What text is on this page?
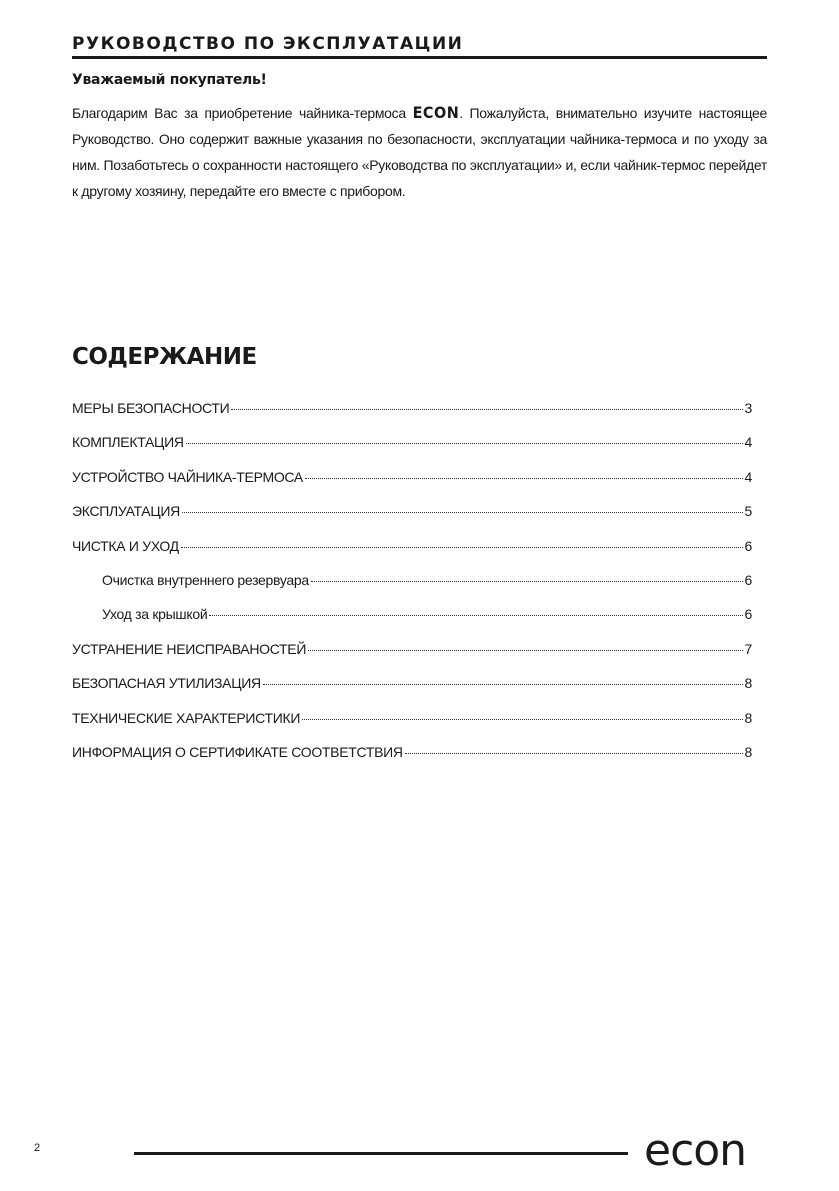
РУКОВОДСТВО ПО ЭКСПЛУАТАЦИИ
Уважаемый покупатель!

Благодарим Вас за приобретение чайника-термоса ECON. Пожалуйста, внимательно изучите настоящее Руководство. Оно содержит важные указания по безопасности, эксплуатации чайника-термоса и по уходу за ним. Позаботьтесь о сохранности настоящего «Руководства по эксплуатации» и, если чайник-термос перейдет к другому хозяину, передайте его вместе с прибором.

СОДЕРЖАНИЕ
МЕРЫ БЕЗОПАСНОСТИ	3
КОМПЛЕКТАЦИЯ	4
УСТРОЙСТВО ЧАЙНИКА-ТЕРМОСА	4
ЭКСПЛУАТАЦИЯ	5
ЧИСТКА И УХОД	6
Очистка внутреннего резервуара	6
Уход за крышкой	6
УСТРАНЕНИЕ НЕИСПРАВАНОСТЕЙ	7
БЕЗОПАСНАЯ УТИЛИЗАЦИЯ	8
ТЕХНИЧЕСКИЕ ХАРАКТЕРИСТИКИ	8
ИНФОРМАЦИЯ О СЕРТИФИКАТЕ СООТВЕТСТВИЯ	8
2	econ
